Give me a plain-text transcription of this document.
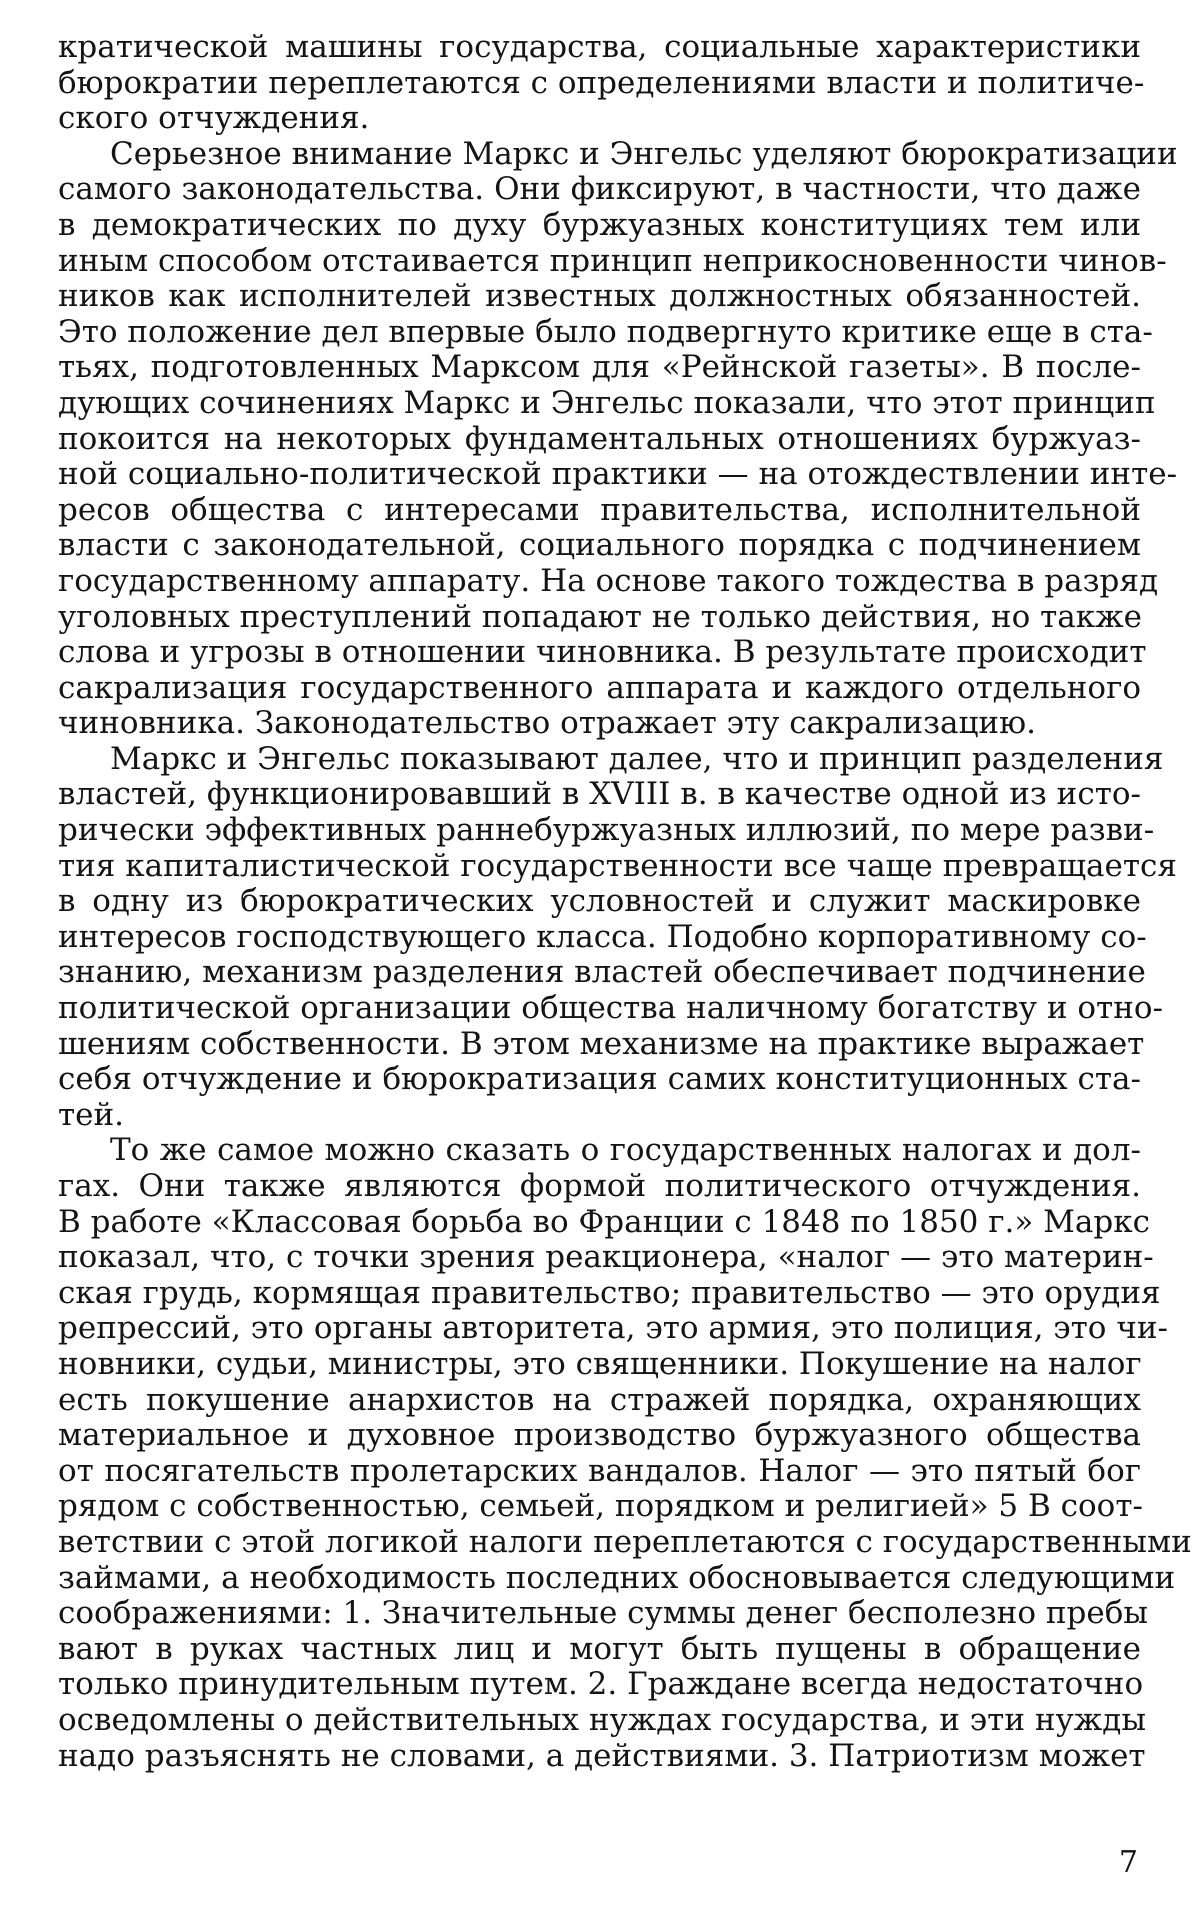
кратической машины государства, социальные характеристики
бюрократии переплетаются с определениями власти и политиче-
ского отчуждения.

Серьезное внимание Маркс и Энгельс уделяют бюрократизации
самого законодательства. Они фиксируют, в частности, что даже
в демократических по духу буржуазных конституциях тем или
иным способом отстаивается принцип неприкосновенности чинов-
ников как исполнителей известных должностных обязанностей.
Это положение дел впервые было подвергнуто критике еще в ста-
тьях, подготовленных Марксом для «Рейнской газеты». В после-
дующих сочинениях Маркс и Энгельс показали, что этот принцип
покоится на некоторых фундаментальных отношениях буржуаз-
ной социально-политической практики — на отождествлении инте-
ресов общества с интересами правительства, исполнительной
власти с законодательной, социального порядка с подчинением
государственному аппарату. На основе такого тождества в разряд
уголовных преступлений попадают не только действия, но также
слова и угрозы в отношении чиновника. В результате происходит
сакрализация государственного аппарата и каждого отдельного
чиновника. Законодательство отражает эту сакрализацию.

Маркс и Энгельс показывают далее, что и принцип разделения
властей, функционировавший в XVIII в. в качестве одной из исто-
рически эффективных раннебуржуазных иллюзий, по мере разви-
тия капиталистической государственности все чаще превращается
в одну из бюрократических условностей и служит маскировке
интересов господствующего класса. Подобно корпоративному со-
знанию, механизм разделения властей обеспечивает подчинение
политической организации общества наличному богатству и отно-
шениям собственности. В этом механизме на практике выражает
себя отчуждение и бюрократизация самих конституционных ста-
тей.

То же самое можно сказать о государственных налогах и дол-
гах. Они также являются формой политического отчуждения.
В работе «Классовая борьба во Франции с 1848 по 1850 г.» Маркс
показал, что, с точки зрения реакционера, «налог — это материн-
ская грудь, кормящая правительство; правительство — это орудия
репрессий, это органы авторитета, это армия, это полиция, это чи-
новники, судьи, министры, это священники. Покушение на налог
есть покушение анархистов на стражей порядка, охраняющих
материальное и духовное производство буржуазного общества
от посягательств пролетарских вандалов. Налог — это пятый бог
рядом с собственностью, семьей, порядком и религией» 5 В соот-
ветствии с этой логикой налоги переплетаются с государственными
займами, а необходимость последних обосновывается следующими
соображениями: 1. Значительные суммы денег бесполезно пребы
вают в руках частных лиц и могут быть пущены в обращение
только принудительным путем. 2. Граждане всегда недостаточно
осведомлены о действительных нуждах государства, и эти нужды
надо разъяснять не словами, а действиями. 3. Патриотизм может

7
